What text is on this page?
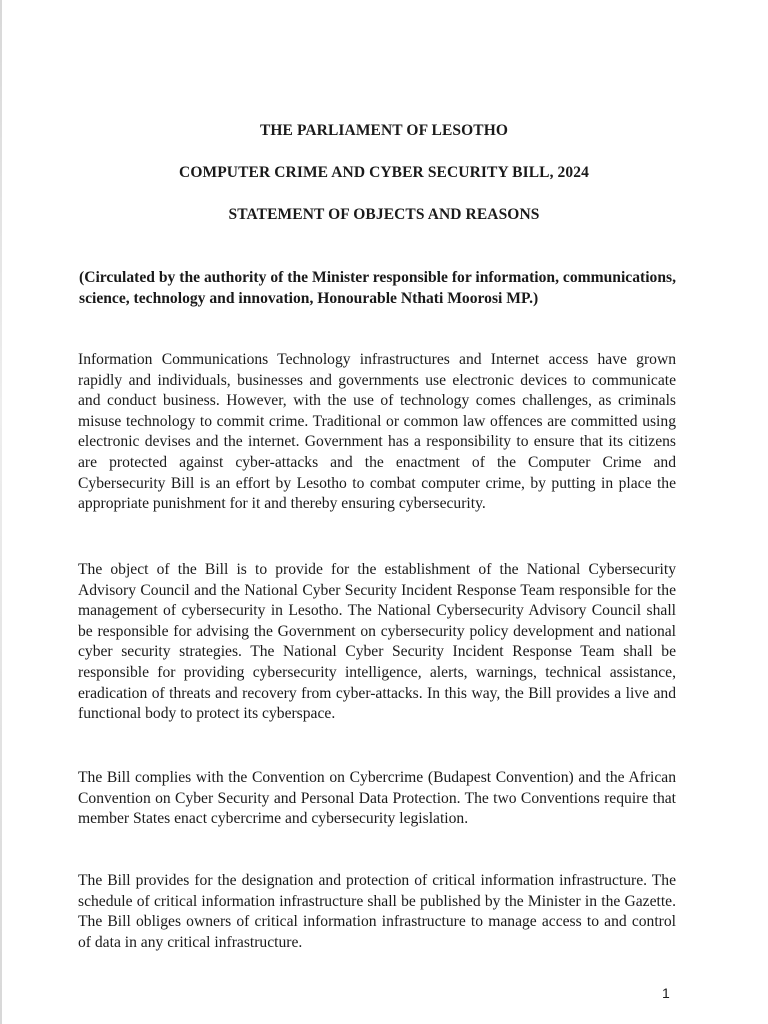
THE PARLIAMENT OF LESOTHO

COMPUTER CRIME AND CYBER SECURITY BILL, 2024

STATEMENT OF OBJECTS AND REASONS

(Circulated by the authority of the Minister responsible for information, communications, science, technology and innovation, Honourable Nthati Moorosi MP.)

Information Communications Technology infrastructures and Internet access have grown rapidly and individuals, businesses and governments use electronic devices to communicate and conduct business. However, with the use of technology comes challenges, as criminals misuse technology to commit crime. Traditional or common law offences are committed using electronic devises and the internet. Government has a responsibility to ensure that its citizens are protected against cyber-attacks and the enactment of the Computer Crime and Cybersecurity Bill is an effort by Lesotho to combat computer crime, by putting in place the appropriate punishment for it and thereby ensuring cybersecurity.

The object of the Bill is to provide for the establishment of the National Cybersecurity Advisory Council and the National Cyber Security Incident Response Team responsible for the management of cybersecurity in Lesotho. The National Cybersecurity Advisory Council shall be responsible for advising the Government on cybersecurity policy development and national cyber security strategies. The National Cyber Security Incident Response Team shall be responsible for providing cybersecurity intelligence, alerts, warnings, technical assistance, eradication of threats and recovery from cyber-attacks. In this way, the Bill provides a live and functional body to protect its cyberspace.

The Bill complies with the Convention on Cybercrime (Budapest Convention) and the African Convention on Cyber Security and Personal Data Protection. The two Conventions require that member States enact cybercrime and cybersecurity legislation.

The Bill provides for the designation and protection of critical information infrastructure. The schedule of critical information infrastructure shall be published by the Minister in the Gazette. The Bill obliges owners of critical information infrastructure to manage access to and control of data in any critical infrastructure.

1
